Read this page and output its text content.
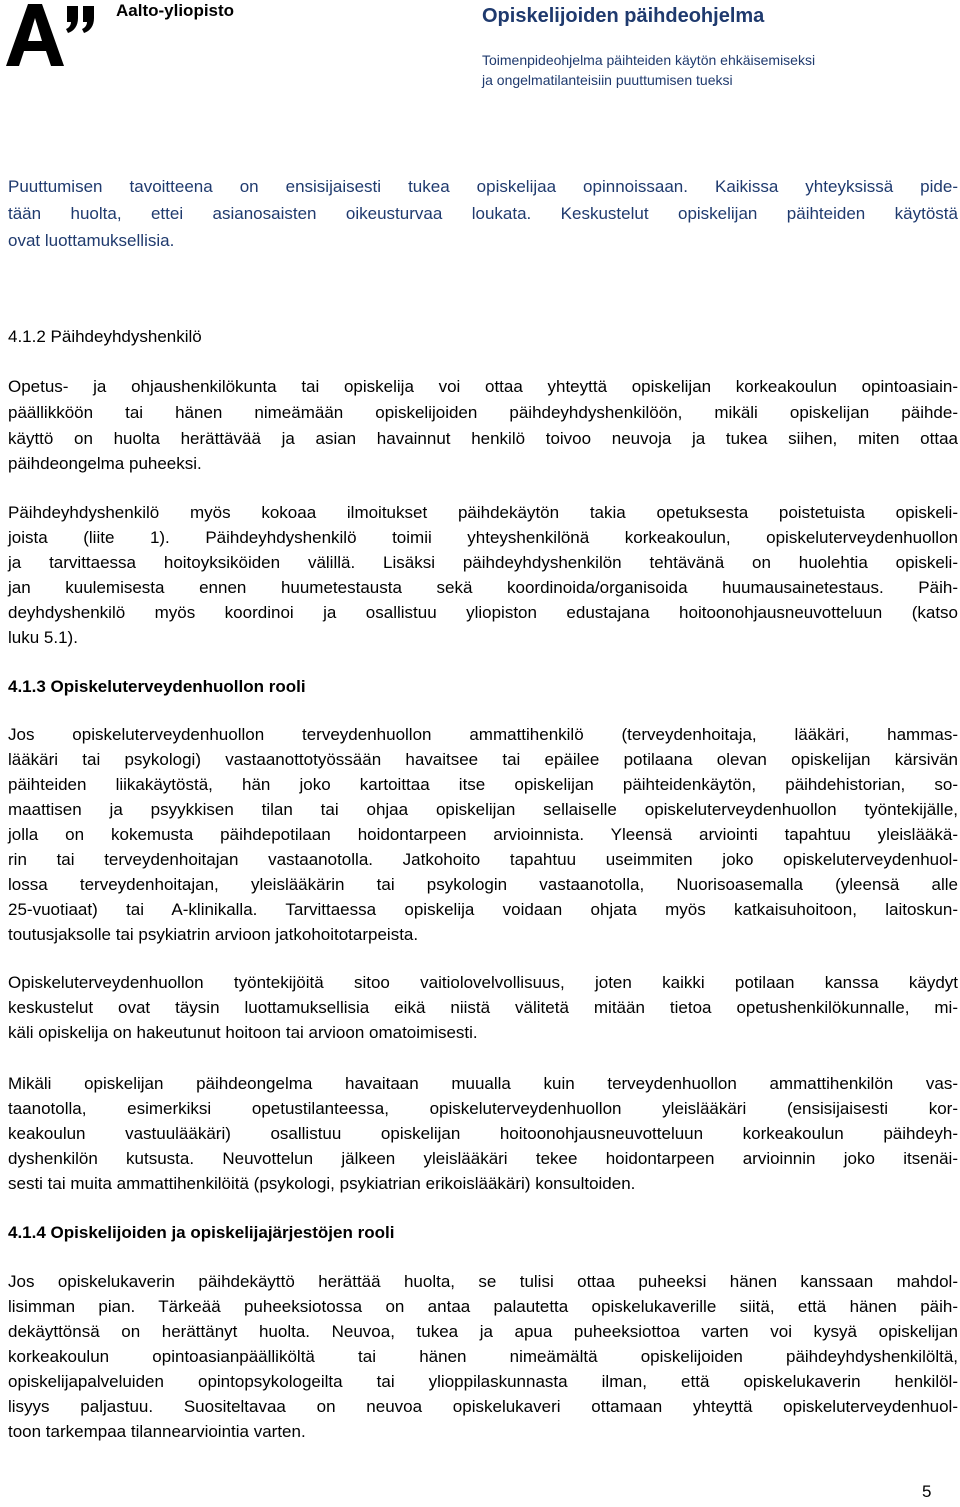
Aalto-yliopisto	Opiskelijoiden päihdeohjelma
Toimenpideohjelma päihteiden käytön ehkäisemiseksi
ja ongelmatilanteisiin puuttumisen tueksi
Puuttumisen tavoitteena on ensisijaisesti tukea opiskelijaa opinnoissaan. Kaikissa yhteyksissä pide-
tään huolta, ettei asianosaisten oikeusturvaa loukata. Keskustelut opiskelijan päihteiden käytöstä
ovat luottamuksellisia.
4.1.2 Päihdeyhdyshenkilö
Opetus- ja ohjaushenkilökunta tai opiskelija voi ottaa yhteyttä opiskelijan korkeakoulun opintoasiain-
päällikköön tai hänen nimeämään opiskelijoiden päihdeyhdyshenkilöön, mikäli opiskelijan päihde-
käyttö on huolta herättävää ja asian havainnut henkilö toivoo neuvoja ja tukea siihen, miten ottaa
päihdeongelma puheeksi.
Päihdeyhdyshenkilö myös kokoaa ilmoitukset päihdekäytön takia opetuksesta poistetuista opiskeli-
joista (liite 1). Päihdeyhdyshenkilö toimii yhteyshenkilönä korkeakoulun, opiskeluterveydenhuollon
ja tarvittaessa hoitoyksiköiden välillä. Lisäksi päihdeyhdyshenkilön tehtävänä on huolehtia opiskeli-
jan kuulemisesta ennen huumetestausta sekä koordinoida/organisoida huumausainetestaus. Päih-
deyhdyshenkilö myös koordinoi ja osallistuu yliopiston edustajana hoitoonohjausneuvotteluun (katso
luku 5.1).
4.1.3 Opiskeluterveydenhuollon rooli
Jos opiskeluterveydenhuollon terveydenhuollon ammattihenkilö (terveydenhoitaja, lääkäri, hammas-
lääkäri tai psykologi) vastaanottotyössään havaitsee tai epäilee potilaana olevan opiskelijan kärsivän
päihteiden liikakäytöstä, hän joko kartoittaa itse opiskelijan päihteidenkäytön, päihdehistorian, so-
maattisen ja psyykkisen tilan tai ohjaa opiskelijan sellaiselle opiskeluterveydenhuollon työntekijälle,
jolla on kokemusta päihdepotilaan hoidontarpeen arvioinnista. Yleensä arviointi tapahtuu yleislääkä-
rin tai terveydenhoitajan vastaanotolla. Jatkohoito tapahtuu useimmiten joko opiskeluterveydenhuol-
lossa terveydenhoitajan, yleislääkärin tai psykologin vastaanotolla, Nuorisoasemalla (yleensä alle
25-vuotiaat) tai A-klinikalla. Tarvittaessa opiskelija voidaan ohjata myös katkaisuhoitoon, laitoskun-
toutusjaksolle tai psykiatrin arvioon jatkohoitotarpeista.
Opiskeluterveydenhuollon työntekijöitä sitoo vaitiolovelvollisuus, joten kaikki potilaan kanssa käydyt
keskustelut ovat täysin luottamuksellisia eikä niistä välitetä mitään tietoa opetushenkilökunnalle, mi-
käli opiskelija on hakeutunut hoitoon tai arvioon omatoimisesti.
Mikäli opiskelijan päihdeongelma havaitaan muualla kuin terveydenhuollon ammattihenkilön vas-
taanotolla, esimerkiksi opetustilanteessa, opiskeluterveydenhuollon yleislääkäri (ensisijaisesti kor-
keakoulun vastuulääkäri) osallistuu opiskelijan hoitoonohjausneuvotteluun korkeakoulun päihdeyh-
dyshenkilön kutsusta. Neuvottelun jälkeen yleislääkäri tekee hoidontarpeen arvioinnin joko itsenäi-
sesti tai muita ammattihenkilöitä (psykologi, psykiatrian erikoislääkäri) konsultoiden.
4.1.4 Opiskelijoiden ja opiskelijajärjestöjen rooli
Jos opiskelukaverin päihdekäyttö herättää huolta, se tulisi ottaa puheeksi hänen kanssaan mahdol-
lisimman pian. Tärkeää puheeksiotossa on antaa palautetta opiskelukaverille siitä, että hänen päih-
dekäyttönsä on herättänyt huolta. Neuvoa, tukea ja apua puheeksiottoa varten voi kysyä opiskelijan
korkeakoulun opintoasianpäälliköltä tai hänen nimeämältä opiskelijoiden päihdeyhdyshenkilöltä,
opiskelijapalveluiden opintopsykologeilta tai ylioppilaskunnasta ilman, että opiskelukaverin henkilöl-
lisyys paljastuu. Suositeltavaa on neuvoa opiskelukaveri ottamaan yhteyttä opiskeluterveydenhuol-
toon tarkempaa tilannearviointia varten.
5
